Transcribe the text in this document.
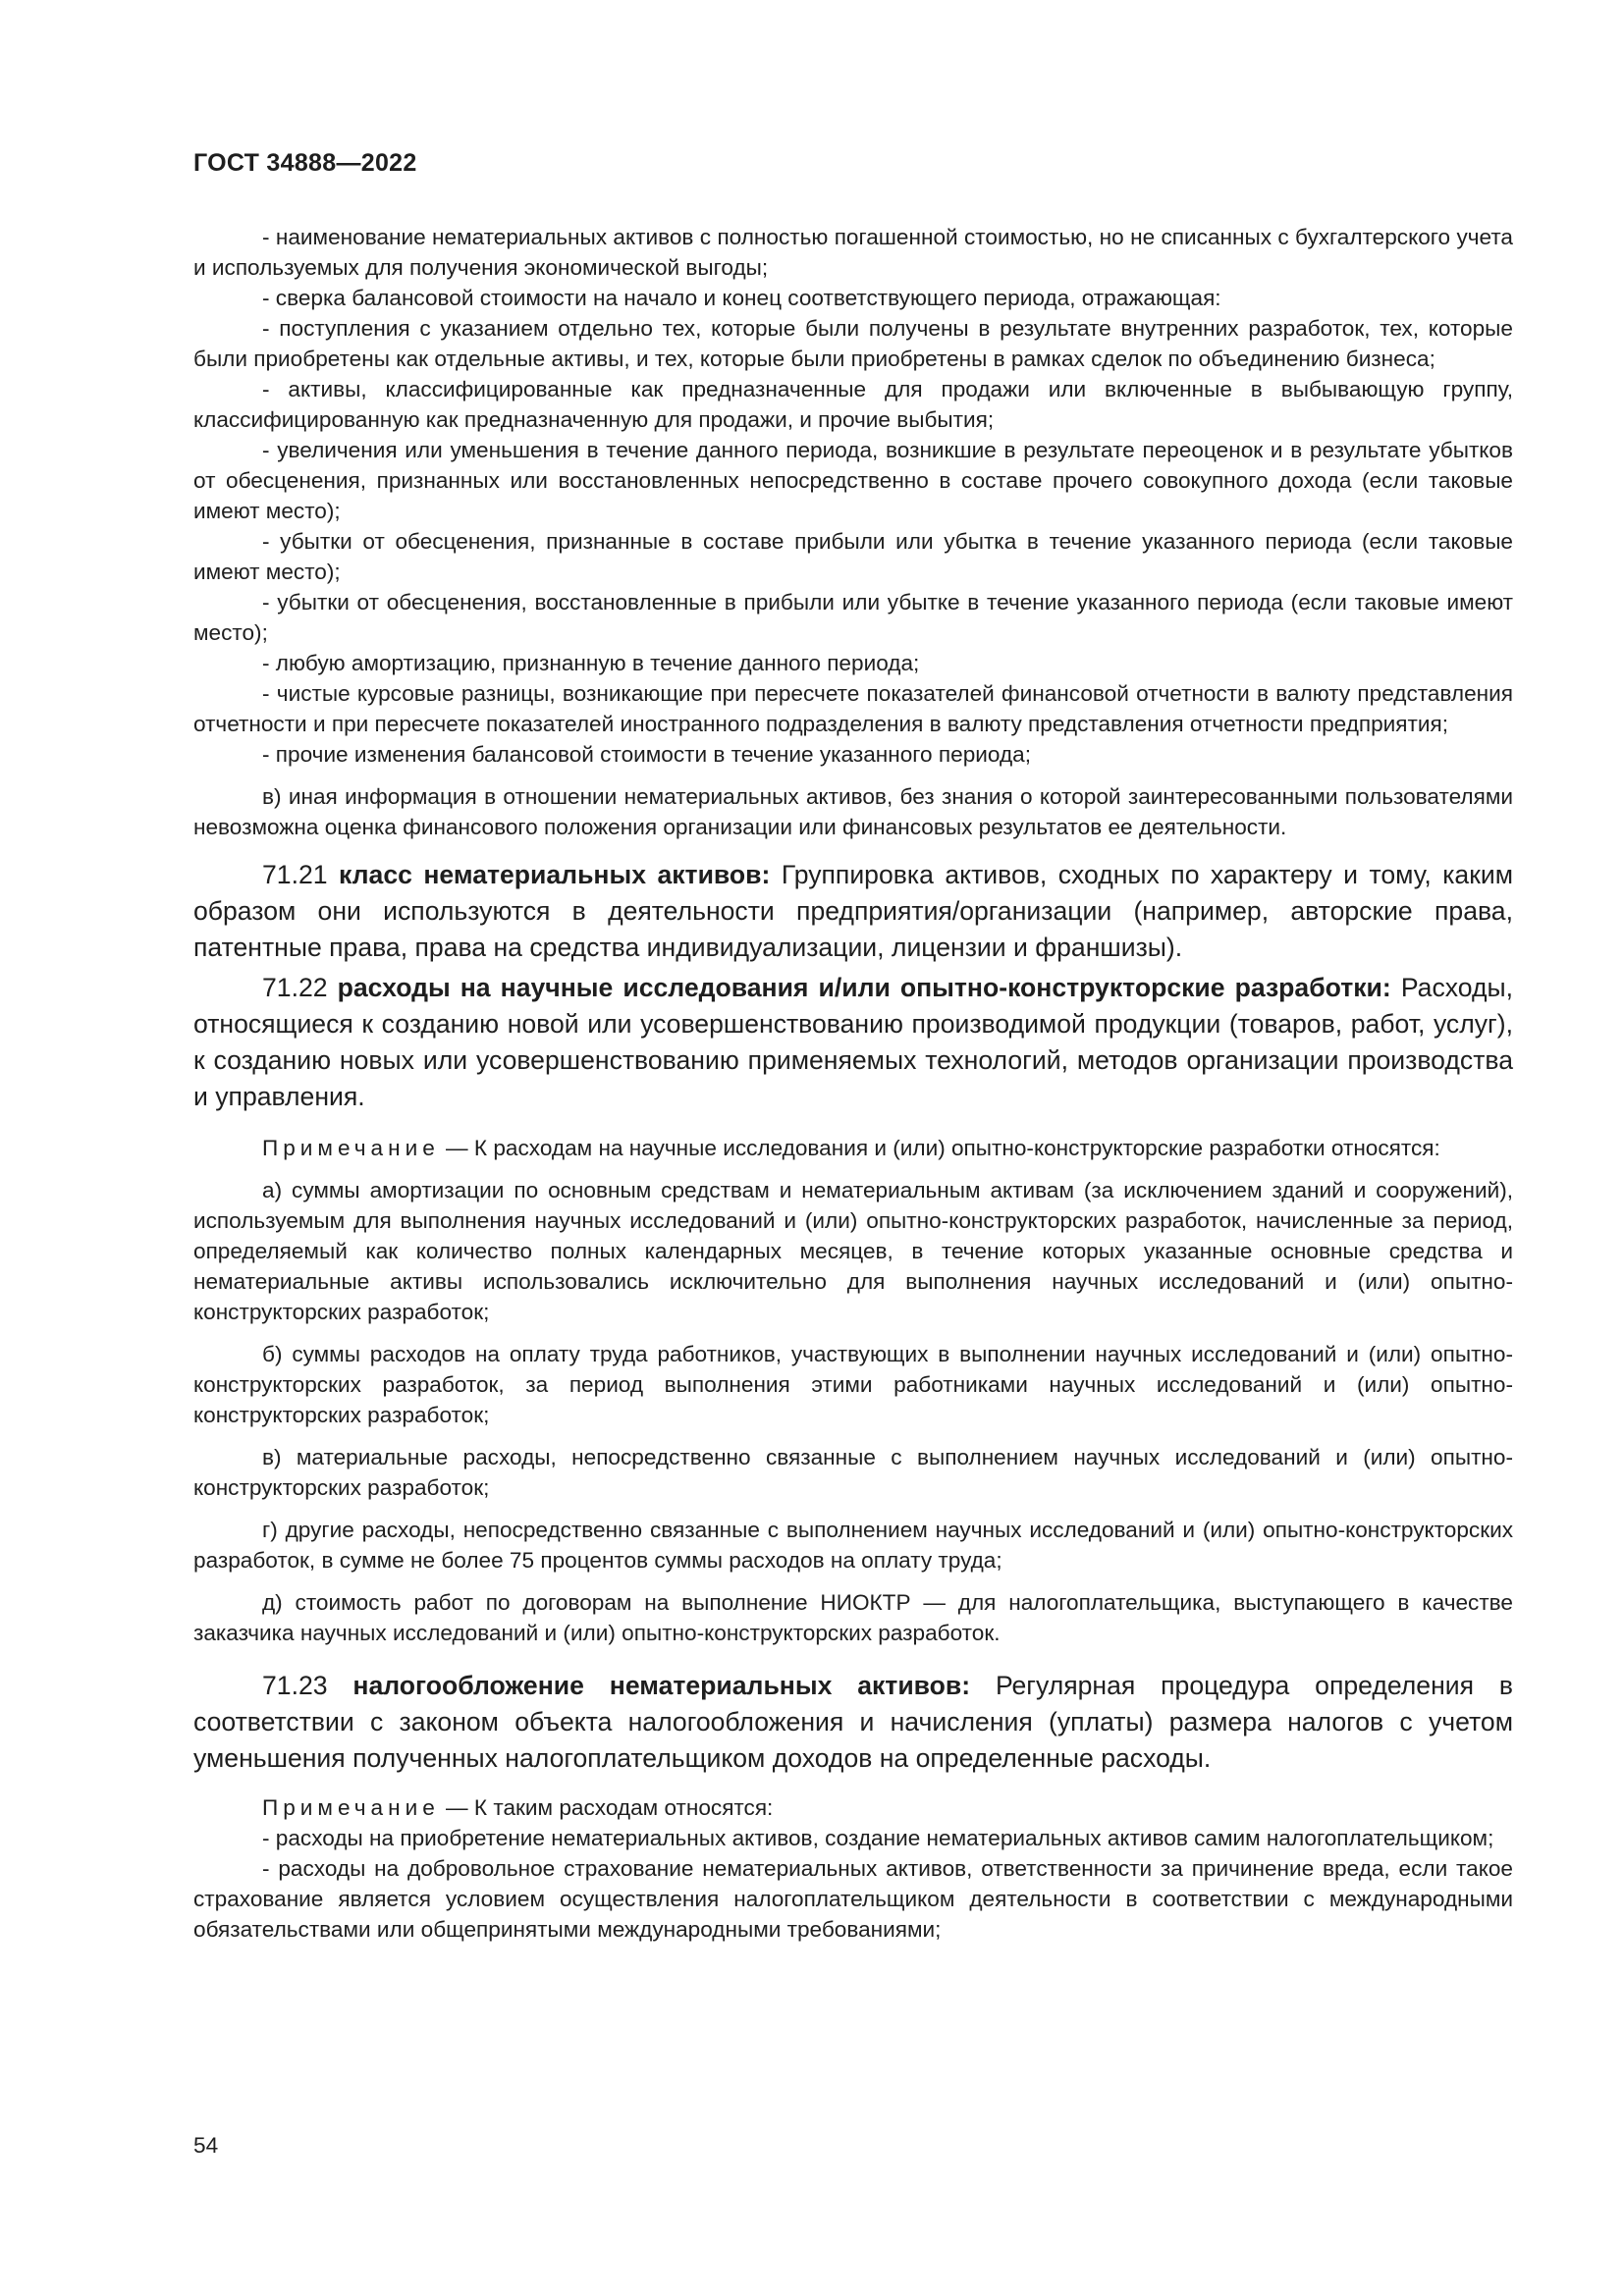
ГОСТ 34888—2022

- наименование нематериальных активов с полностью погашенной стоимостью, но не списанных с бухгалтерского учета и используемых для получения экономической выгоды;

- сверка балансовой стоимости на начало и конец соответствующего периода, отражающая:

- поступления с указанием отдельно тех, которые были получены в результате внутренних разработок, тех, которые были приобретены как отдельные активы, и тех, которые были приобретены в рамках сделок по объединению бизнеса;

- активы, классифицированные как предназначенные для продажи или включенные в выбывающую группу, классифицированную как предназначенную для продажи, и прочие выбытия;

- увеличения или уменьшения в течение данного периода, возникшие в результате переоценок и в результате убытков от обесценения, признанных или восстановленных непосредственно в составе прочего совокупного дохода (если таковые имеют место);

- убытки от обесценения, признанные в составе прибыли или убытка в течение указанного периода (если таковые имеют место);

- убытки от обесценения, восстановленные в прибыли или убытке в течение указанного периода (если таковые имеют место);

- любую амортизацию, признанную в течение данного периода;

- чистые курсовые разницы, возникающие при пересчете показателей финансовой отчетности в валюту представления отчетности и при пересчете показателей иностранного подразделения в валюту представления отчетности предприятия;

- прочие изменения балансовой стоимости в течение указанного периода;

в) иная информация в отношении нематериальных активов, без знания о которой заинтересованными пользователями невозможна оценка финансового положения организации или финансовых результатов ее деятельности.

71.21 класс нематериальных активов: Группировка активов, сходных по характеру и тому, каким образом они используются в деятельности предприятия/организации (например, авторские права, патентные права, права на средства индивидуализации, лицензии и франшизы).

71.22 расходы на научные исследования и/или опытно-конструкторские разработки: Расходы, относящиеся к созданию новой или усовершенствованию производимой продукции (товаров, работ, услуг), к созданию новых или усовершенствованию применяемых технологий, методов организации производства и управления.

Примечание — К расходам на научные исследования и (или) опытно-конструкторские разработки относятся:

а) суммы амортизации по основным средствам и нематериальным активам (за исключением зданий и сооружений), используемым для выполнения научных исследований и (или) опытно-конструкторских разработок, начисленные за период, определяемый как количество полных календарных месяцев, в течение которых указанные основные средства и нематериальные активы использовались исключительно для выполнения научных исследований и (или) опытно-конструкторских разработок;

б) суммы расходов на оплату труда работников, участвующих в выполнении научных исследований и (или) опытно-конструкторских разработок, за период выполнения этими работниками научных исследований и (или) опытно-конструкторских разработок;

в) материальные расходы, непосредственно связанные с выполнением научных исследований и (или) опытно-конструкторских разработок;

г) другие расходы, непосредственно связанные с выполнением научных исследований и (или) опытно-конструкторских разработок, в сумме не более 75 процентов суммы расходов на оплату труда;

д) стоимость работ по договорам на выполнение НИОКТР — для налогоплательщика, выступающего в качестве заказчика научных исследований и (или) опытно-конструкторских разработок.

71.23 налогообложение нематериальных активов: Регулярная процедура определения в соответствии с законом объекта налогообложения и начисления (уплаты) размера налогов с учетом уменьшения полученных налогоплательщиком доходов на определенные расходы.

Примечание — К таким расходам относятся:

- расходы на приобретение нематериальных активов, создание нематериальных активов самим налогоплательщиком;

- расходы на добровольное страхование нематериальных активов, ответственности за причинение вреда, если такое страхование является условием осуществления налогоплательщиком деятельности в соответствии с международными обязательствами или общепринятыми международными требованиями;

54
